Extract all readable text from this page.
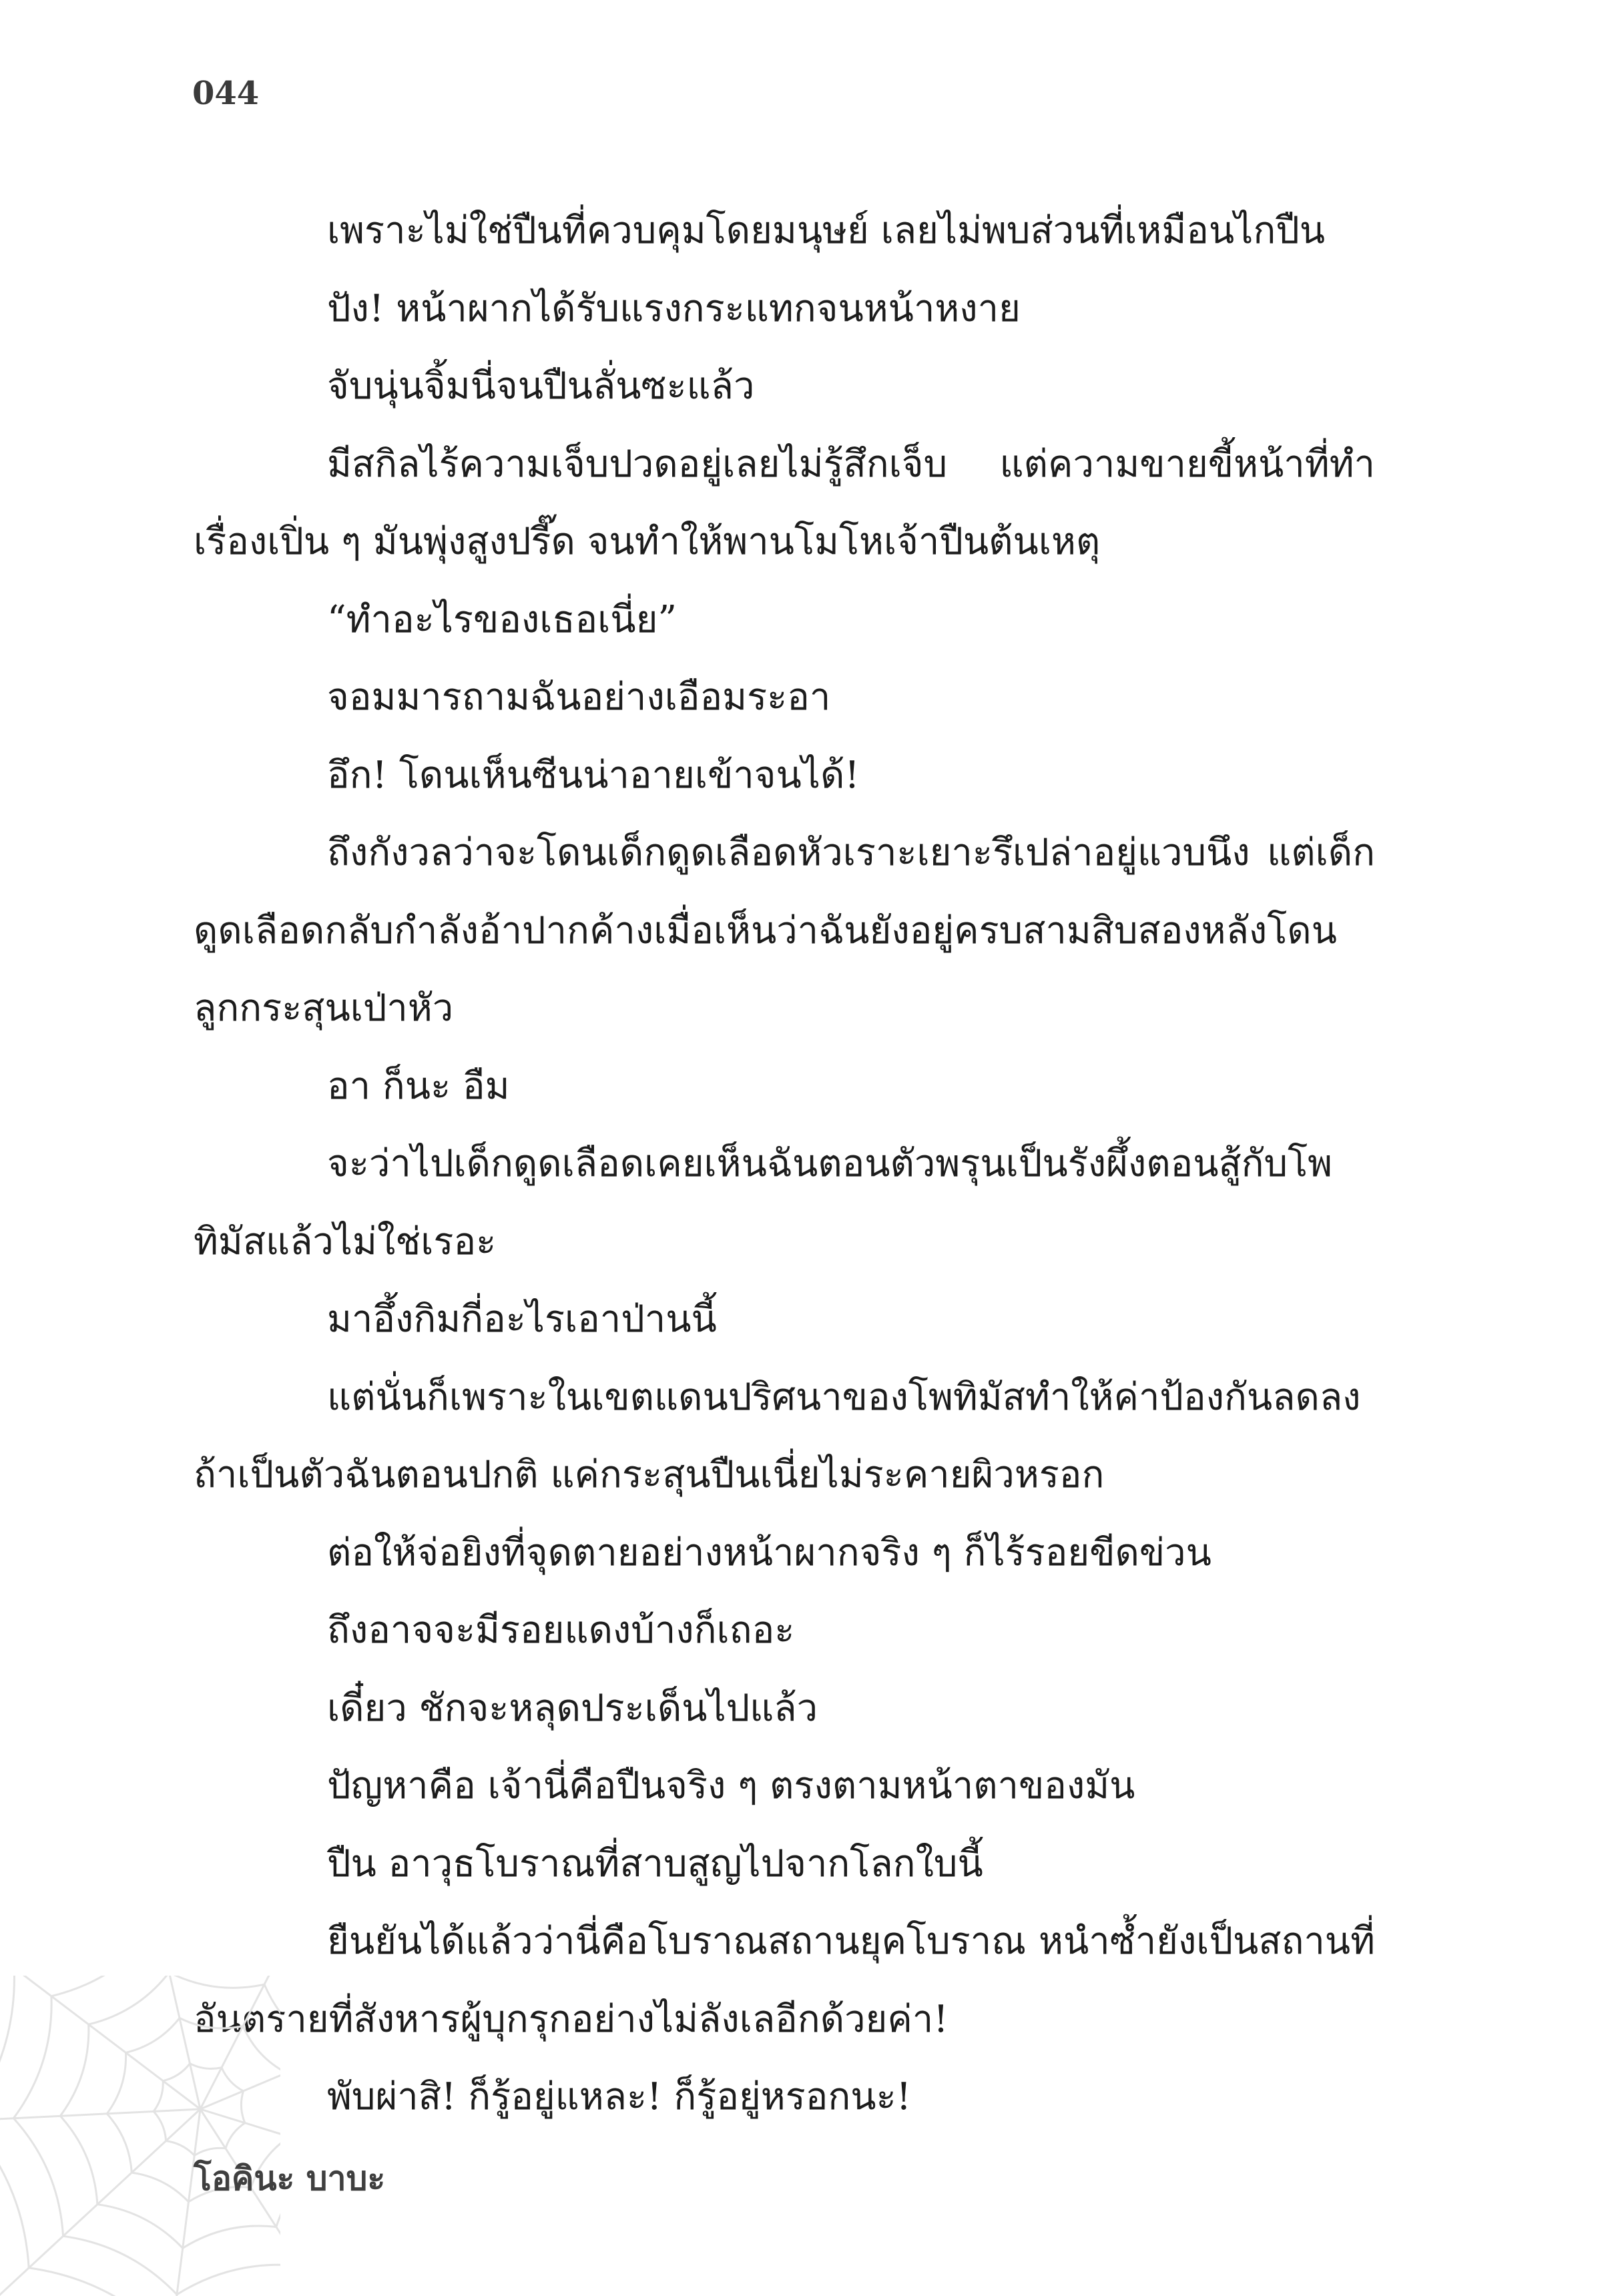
044

เพราะไม่ใช่ปืนที่ควบคุมโดยมนุษย์ เลยไม่พบส่วนที่เหมือนไกปืน

ปัง! หน้าผากได้รับแรงกระแทกจนหน้าหงาย

จับนุ่นจิ้มนี่จนปืนลั่นซะแล้ว

มีสกิลไร้ความเจ็บปวดอยู่เลยไม่รู้สึกเจ็บ แต่ความขายขี้หน้าที่ทำเรื่องเปิ่น ๆ มันพุ่งสูงปรี๊ด จนทำให้พานโมโหเจ้าปืนต้นเหตุ

“ทำอะไรของเธอเนี่ย”

จอมมารถามฉันอย่างเอือมระอา

อึก! โดนเห็นซีนน่าอายเข้าจนได้!

ถึงกังวลว่าจะโดนเด็กดูดเลือดหัวเราะเยาะรึเปล่าอยู่แวบนึง แต่เด็กดูดเลือดกลับกำลังอ้าปากค้างเมื่อเห็นว่าฉันยังอยู่ครบสามสิบสองหลังโดนลูกกระสุนเป่าหัว

อา ก็นะ อืม

จะว่าไปเด็กดูดเลือดเคยเห็นฉันตอนตัวพรุนเป็นรังผึ้งตอนสู้กับโพทิมัสแล้วไม่ใช่เรอะ

มาอึ้งกิมกี่อะไรเอาป่านนี้

แต่นั่นก็เพราะในเขตแดนปริศนาของโพทิมัสทำให้ค่าป้องกันลดลง ถ้าเป็นตัวฉันตอนปกติ แค่กระสุนปืนเนี่ยไม่ระคายผิวหรอก

ต่อให้จ่อยิงที่จุดตายอย่างหน้าผากจริง ๆ ก็ไร้รอยขีดข่วน

ถึงอาจจะมีรอยแดงบ้างก็เถอะ

เดี๋ยว ชักจะหลุดประเด็นไปแล้ว

ปัญหาคือ เจ้านี่คือปืนจริง ๆ ตรงตามหน้าตาของมัน

ปืน อาวุธโบราณที่สาบสูญไปจากโลกใบนี้

ยืนยันได้แล้วว่านี่คือโบราณสถานยุคโบราณ หนำซ้ำยังเป็นสถานที่อันตรายที่สังหารผู้บุกรุกอย่างไม่ลังเลอีกด้วยค่า!

พับผ่าสิ! ก็รู้อยู่แหละ! ก็รู้อยู่หรอกนะ!

โอคินะ บาบะ
